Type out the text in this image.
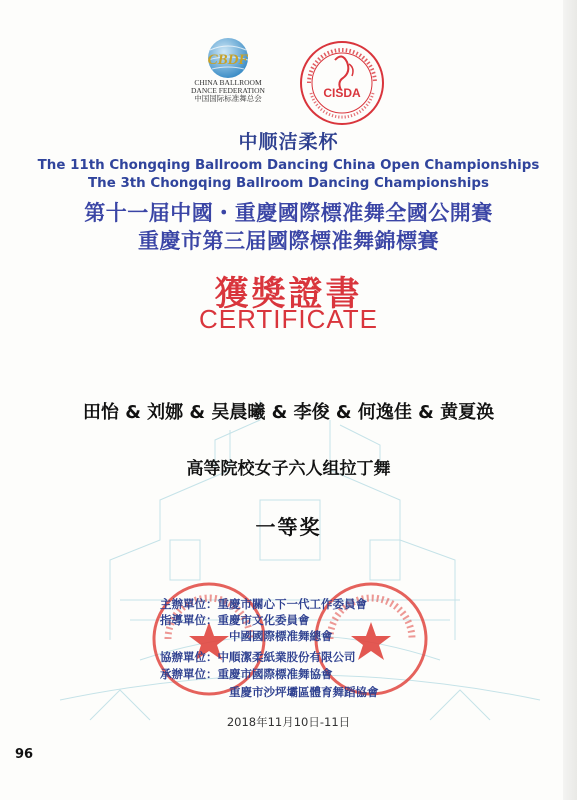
CBDF
CHINA BALLROOM
DANCE FEDERATION
中国国际标准舞总会	CISDA
中顺洁柔杯
The 11th Chongqing Ballroom Dancing China Open Championships
The 3th Chongqing Ballroom Dancing Championships
第十一届中國・重慶國際標准舞全國公開賽
重慶市第三届國際標准舞錦標賽
獲獎證書
CERTIFICATE
田怡 & 刘娜 & 吴晨曦 & 李俊 & 何逸佳 & 黄夏涣
高等院校女子六人组拉丁舞
一等奖
主辦單位：重慶市關心下一代工作委員會
指導單位：重慶市文化委員會
中國國際標准舞總會
協辦單位：中順潔柔紙業股份有限公司
承辦單位：重慶市國際標准舞協會
重慶市沙坪壩區體育舞蹈協會
2018年11月10日-11日
96
